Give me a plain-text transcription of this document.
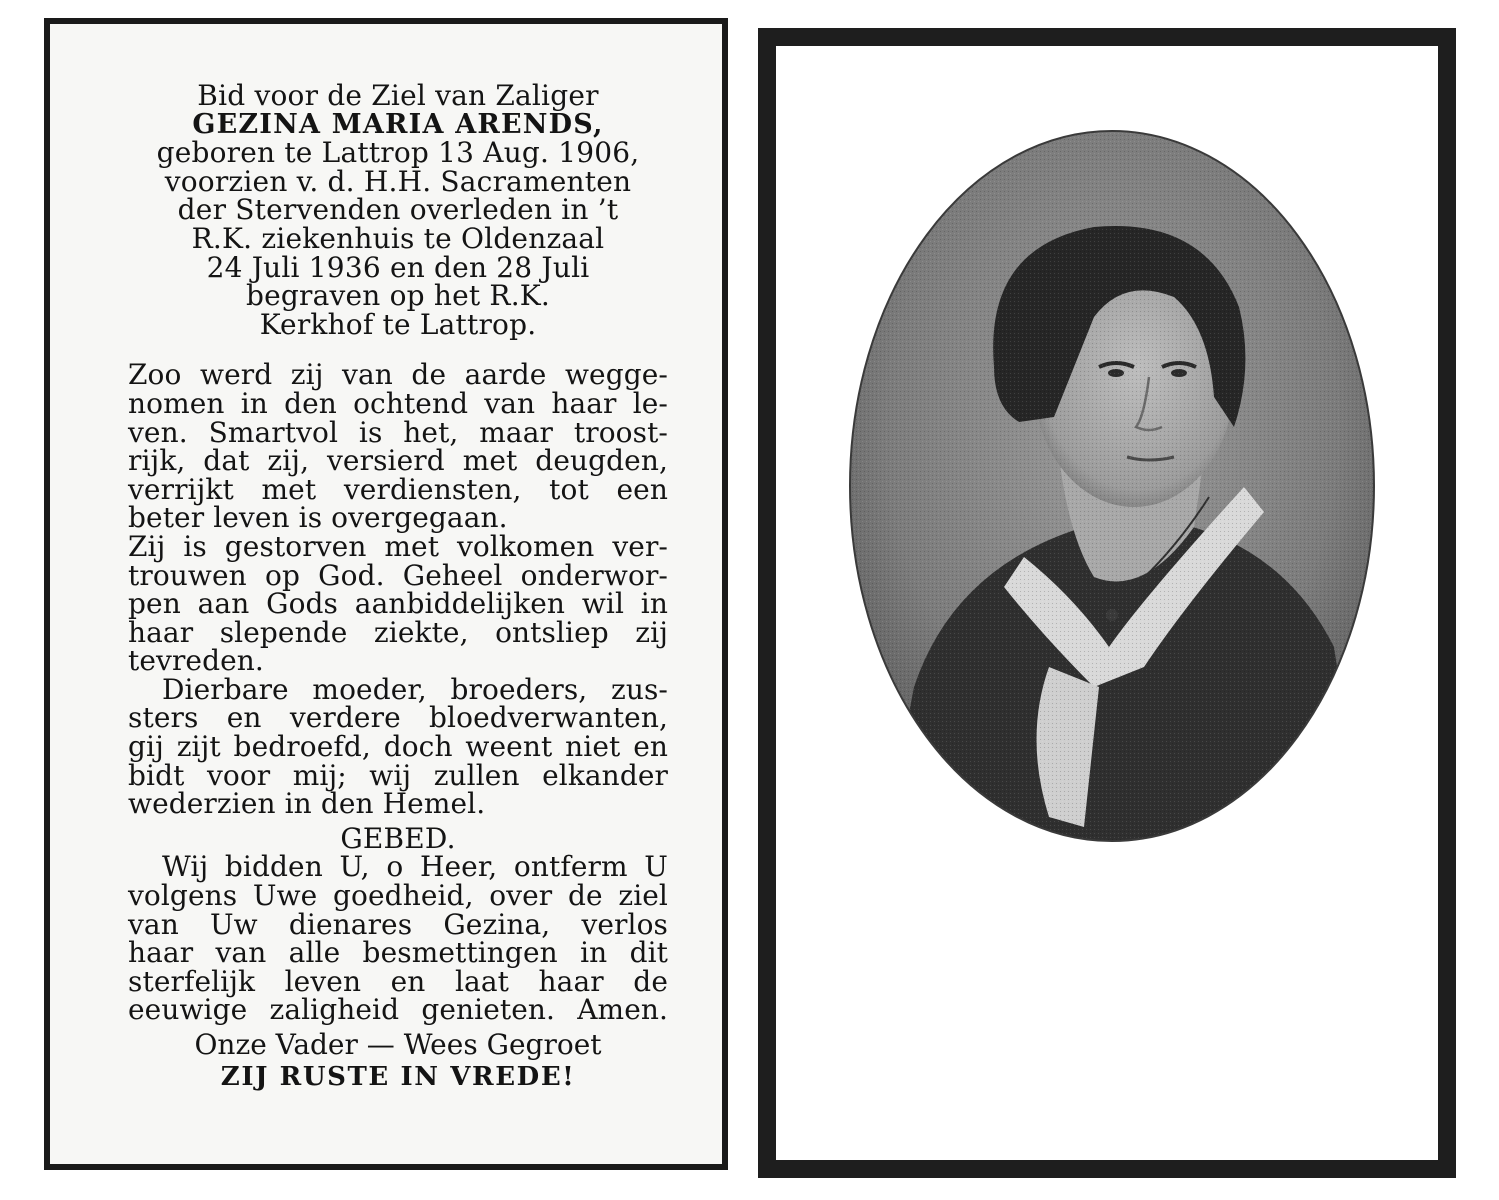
Bid voor de Ziel van Zaliger
GEZINA MARIA ARENDS,
geboren te Lattrop 13 Aug. 1906,
voorzien v. d. H.H. Sacramenten
der Stervenden overleden in ’t
R.K. ziekenhuis te Oldenzaal
24 Juli 1936 en den 28 Juli
begraven op het R.K.
Kerkhof te Lattrop.
Zoo werd zij van de aarde wegge-
nomen in den ochtend van haar le-
ven. Smartvol is het, maar troost-
rijk, dat zij, versierd met deugden,
verrijkt met verdiensten, tot een
beter leven is overgegaan.
Zij is gestorven met volkomen ver-
trouwen op God. Geheel onderwor-
pen aan Gods aanbiddelijken wil in
haar slepende ziekte, ontsliep zij
tevreden.
Dierbare moeder, broeders, zus-
sters en verdere bloedverwanten,
gij zijt bedroefd, doch weent niet en
bidt voor mij; wij zullen elkander
wederzien in den Hemel.
GEBED.
Wij bidden U, o Heer, ontferm U
volgens Uwe goedheid, over de ziel
van Uw dienares Gezina, verlos
haar van alle besmettingen in dit
sterfelijk leven en laat haar de
eeuwige zaligheid genieten. Amen.
Onze Vader — Wees Gegroet
ZIJ RUSTE IN VREDE!
